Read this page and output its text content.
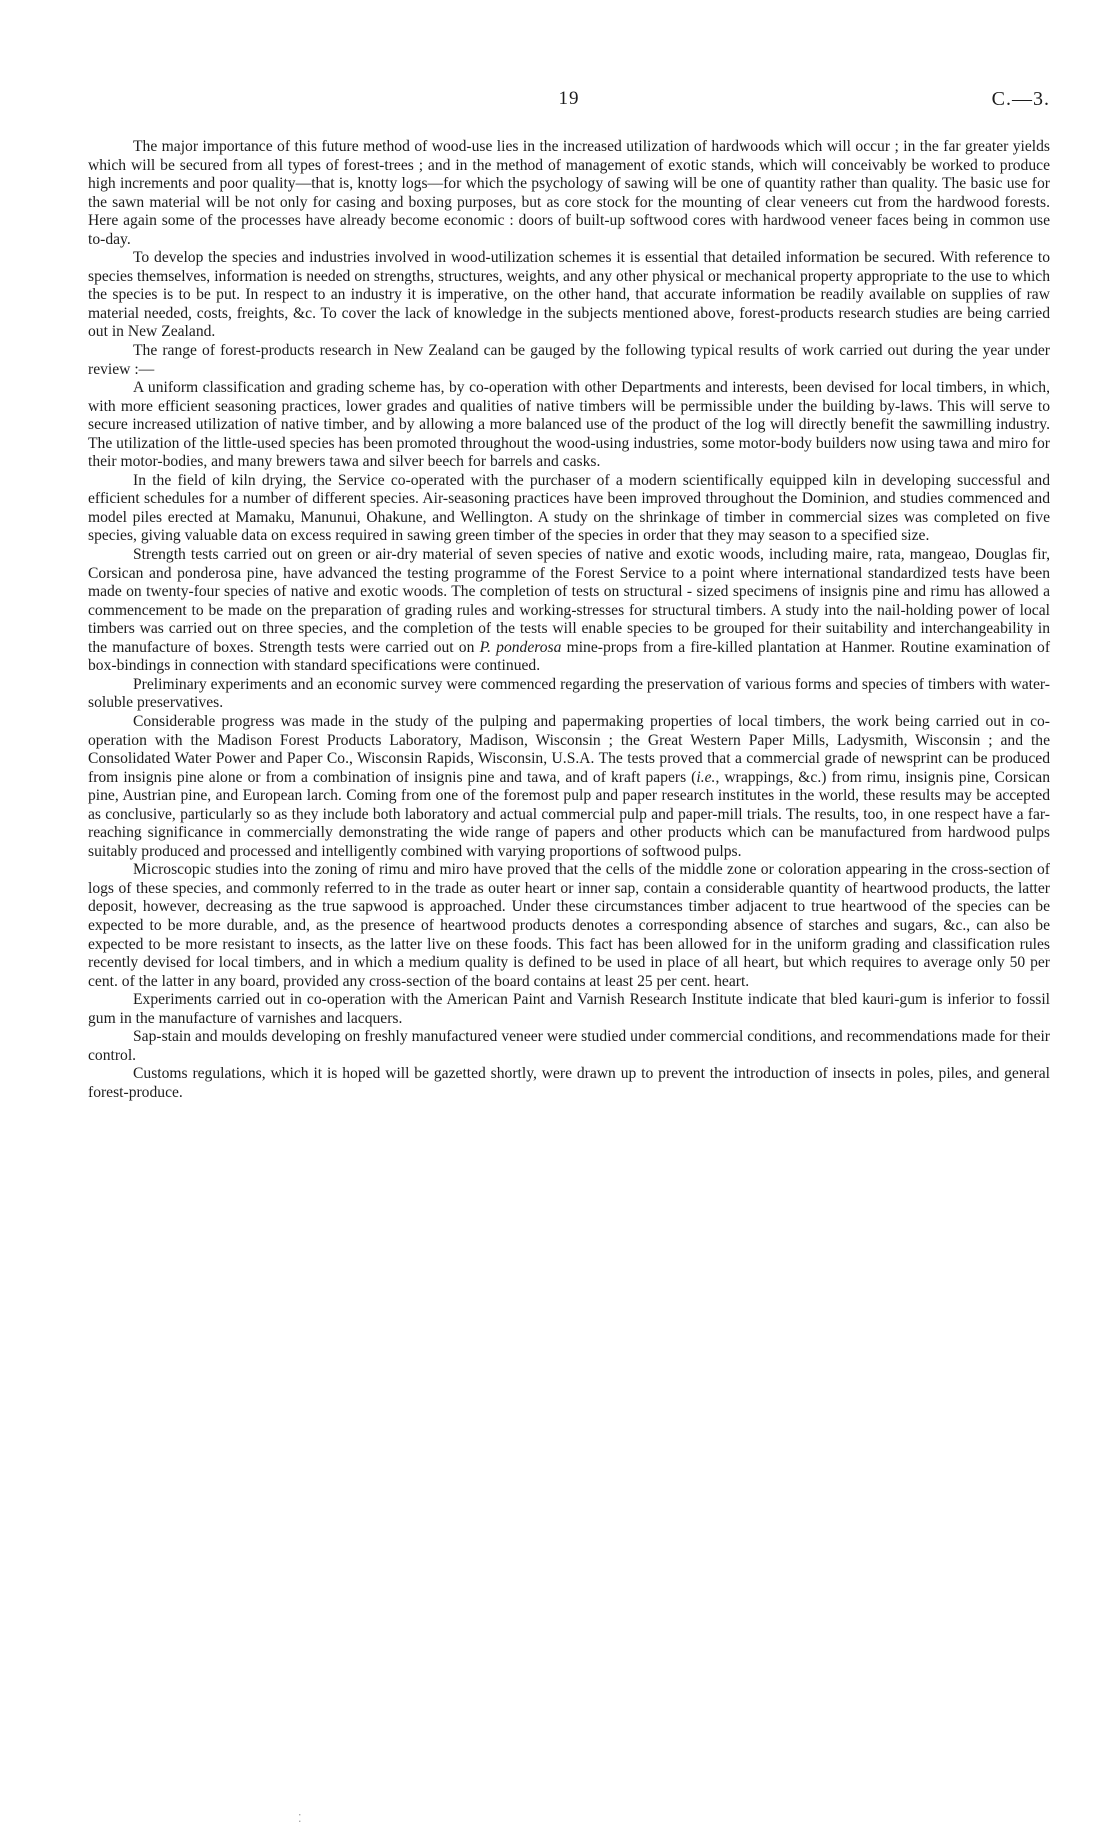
19	C.—3.

The major importance of this future method of wood-use lies in the increased utilization of hardwoods which will occur ; in the far greater yields which will be secured from all types of forest-trees ; and in the method of management of exotic stands, which will conceivably be worked to produce high increments and poor quality—that is, knotty logs—for which the psychology of sawing will be one of quantity rather than quality. The basic use for the sawn material will be not only for casing and boxing purposes, but as core stock for the mounting of clear veneers cut from the hardwood forests. Here again some of the processes have already become economic : doors of built-up softwood cores with hardwood veneer faces being in common use to-day.

To develop the species and industries involved in wood-utilization schemes it is essential that detailed information be secured. With reference to species themselves, information is needed on strengths, structures, weights, and any other physical or mechanical property appropriate to the use to which the species is to be put. In respect to an industry it is imperative, on the other hand, that accurate information be readily available on supplies of raw material needed, costs, freights, &c. To cover the lack of knowledge in the subjects mentioned above, forest-products research studies are being carried out in New Zealand.

The range of forest-products research in New Zealand can be gauged by the following typical results of work carried out during the year under review :—

A uniform classification and grading scheme has, by co-operation with other Departments and interests, been devised for local timbers, in which, with more efficient seasoning practices, lower grades and qualities of native timbers will be permissible under the building by-laws. This will serve to secure increased utilization of native timber, and by allowing a more balanced use of the product of the log will directly benefit the sawmilling industry. The utilization of the little-used species has been promoted throughout the wood-using industries, some motor-body builders now using tawa and miro for their motor-bodies, and many brewers tawa and silver beech for barrels and casks.

In the field of kiln drying, the Service co-operated with the purchaser of a modern scientifically equipped kiln in developing successful and efficient schedules for a number of different species. Air-seasoning practices have been improved throughout the Dominion, and studies commenced and model piles erected at Mamaku, Manunui, Ohakune, and Wellington. A study on the shrinkage of timber in commercial sizes was completed on five species, giving valuable data on excess required in sawing green timber of the species in order that they may season to a specified size.

Strength tests carried out on green or air-dry material of seven species of native and exotic woods, including maire, rata, mangeao, Douglas fir, Corsican and ponderosa pine, have advanced the testing programme of the Forest Service to a point where international standardized tests have been made on twenty-four species of native and exotic woods. The completion of tests on structural - sized specimens of insignis pine and rimu has allowed a commencement to be made on the preparation of grading rules and working-stresses for structural timbers. A study into the nail-holding power of local timbers was carried out on three species, and the completion of the tests will enable species to be grouped for their suitability and interchangeability in the manufacture of boxes. Strength tests were carried out on P. ponderosa mine-props from a fire-killed plantation at Hanmer. Routine examination of box-bindings in connection with standard specifications were continued.

Preliminary experiments and an economic survey were commenced regarding the preservation of various forms and species of timbers with water-soluble preservatives.

Considerable progress was made in the study of the pulping and papermaking properties of local timbers, the work being carried out in co-operation with the Madison Forest Products Laboratory, Madison, Wisconsin ; the Great Western Paper Mills, Ladysmith, Wisconsin ; and the Consolidated Water Power and Paper Co., Wisconsin Rapids, Wisconsin, U.S.A. The tests proved that a commercial grade of newsprint can be produced from insignis pine alone or from a combination of insignis pine and tawa, and of kraft papers (i.e., wrappings, &c.) from rimu, insignis pine, Corsican pine, Austrian pine, and European larch. Coming from one of the foremost pulp and paper research institutes in the world, these results may be accepted as conclusive, particularly so as they include both laboratory and actual commercial pulp and paper-mill trials. The results, too, in one respect have a far-reaching significance in commercially demonstrating the wide range of papers and other products which can be manufactured from hardwood pulps suitably produced and processed and intelligently combined with varying proportions of softwood pulps.

Microscopic studies into the zoning of rimu and miro have proved that the cells of the middle zone or coloration appearing in the cross-section of logs of these species, and commonly referred to in the trade as outer heart or inner sap, contain a considerable quantity of heartwood products, the latter deposit, however, decreasing as the true sapwood is approached. Under these circumstances timber adjacent to true heartwood of the species can be expected to be more durable, and, as the presence of heartwood products denotes a corresponding absence of starches and sugars, &c., can also be expected to be more resistant to insects, as the latter live on these foods. This fact has been allowed for in the uniform grading and classification rules recently devised for local timbers, and in which a medium quality is defined to be used in place of all heart, but which requires to average only 50 per cent. of the latter in any board, provided any cross-section of the board contains at least 25 per cent. heart.

Experiments carried out in co-operation with the American Paint and Varnish Research Institute indicate that bled kauri-gum is inferior to fossil gum in the manufacture of varnishes and lacquers.

Sap-stain and moulds developing on freshly manufactured veneer were studied under commercial conditions, and recommendations made for their control.

Customs regulations, which it is hoped will be gazetted shortly, were drawn up to prevent the introduction of insects in poles, piles, and general forest-produce.

⁚
